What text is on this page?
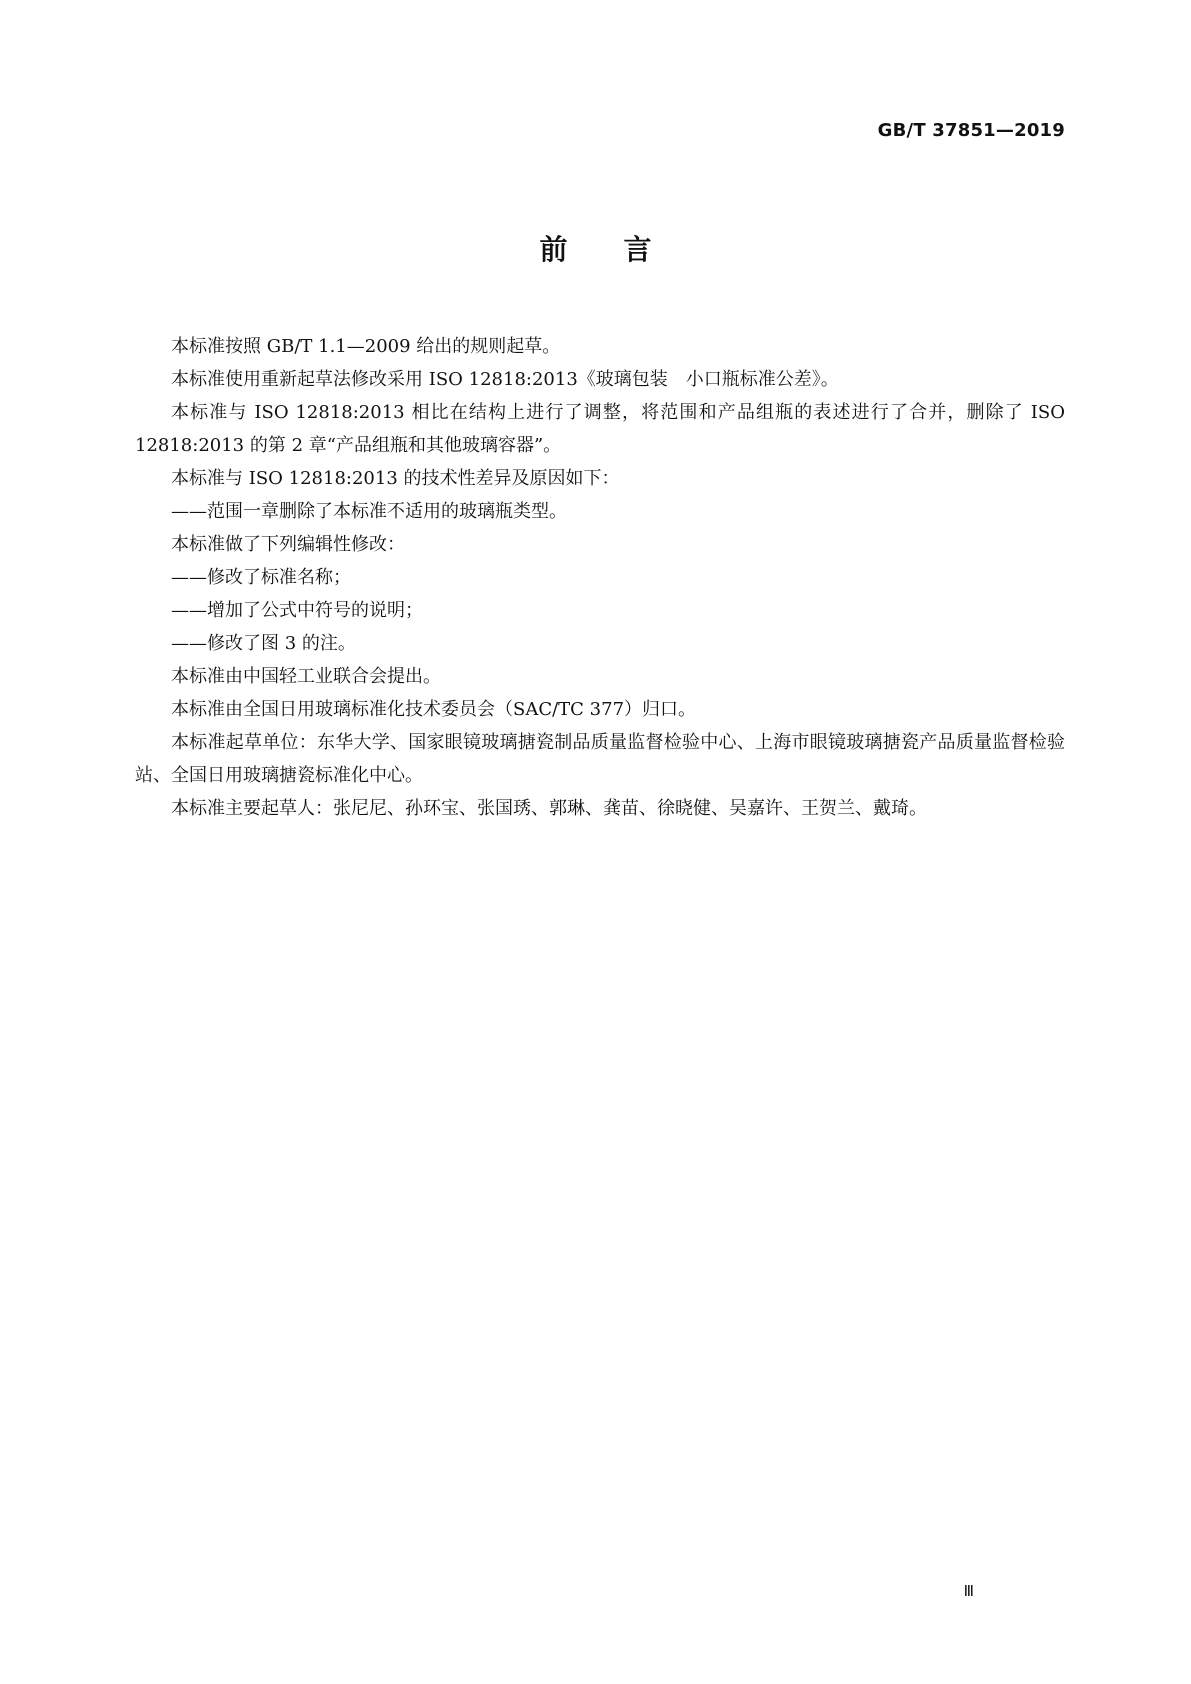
GB/T 37851—2019
前言

本标准按照 GB/T 1.1—2009 给出的规则起草。

本标准使用重新起草法修改采用 ISO 12818:2013《玻璃包装　小口瓶标准公差》。

本标准与 ISO 12818:2013 相比在结构上进行了调整，将范围和产品组瓶的表述进行了合并，删除了 ISO 12818:2013 的第 2 章“产品组瓶和其他玻璃容器”。

本标准与 ISO 12818:2013 的技术性差异及原因如下：

——范围一章删除了本标准不适用的玻璃瓶类型。

本标准做了下列编辑性修改：

——修改了标准名称；

——增加了公式中符号的说明；

——修改了图 3 的注。

本标准由中国轻工业联合会提出。

本标准由全国日用玻璃标准化技术委员会（SAC/TC 377）归口。

本标准起草单位：东华大学、国家眼镜玻璃搪瓷制品质量监督检验中心、上海市眼镜玻璃搪瓷产品质量监督检验站、全国日用玻璃搪瓷标准化中心。

本标准主要起草人：张尼尼、孙环宝、张国琇、郭琳、龚苗、徐晓健、吴嘉许、王贺兰、戴琦。

Ⅲ
